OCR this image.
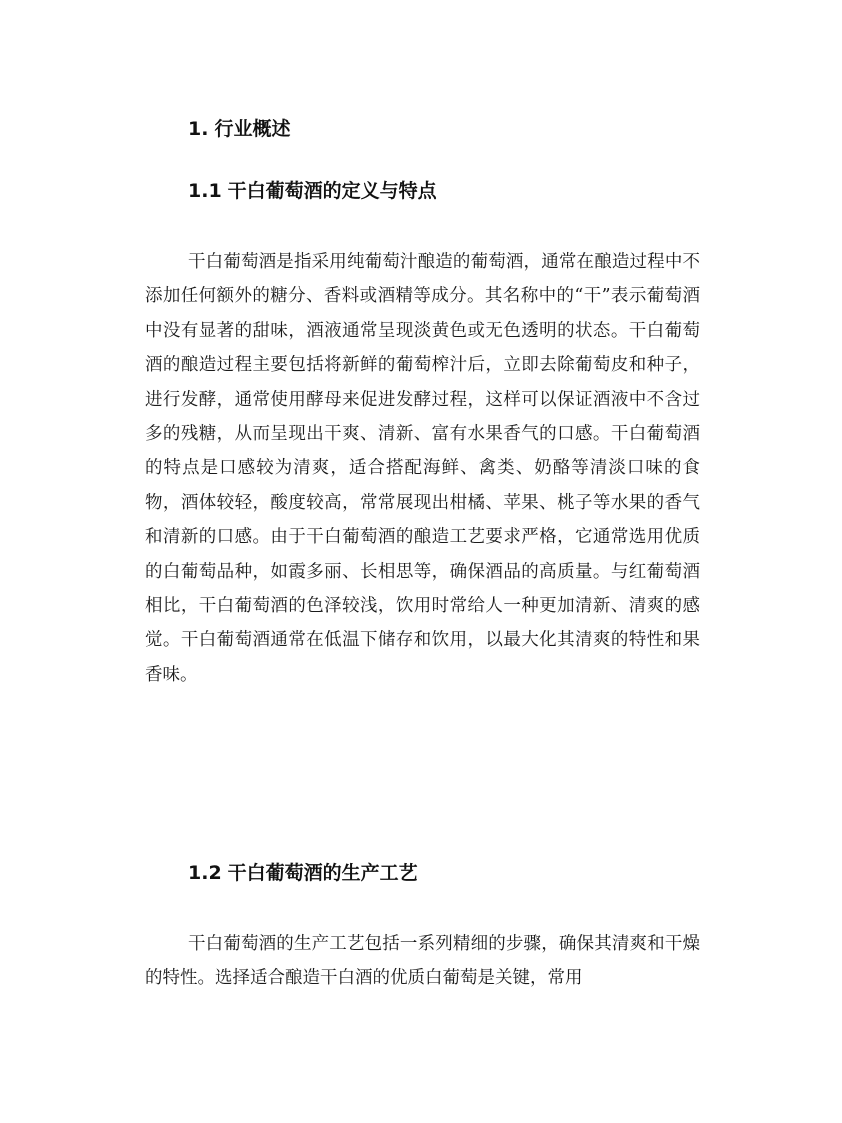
1. 行业概述
1.1 干白葡萄酒的定义与特点

干白葡萄酒是指采用纯葡萄汁酿造的葡萄酒，通常在酿造过程中不添加任何额外的糖分、香料或酒精等成分。其名称中的“干”表示葡萄酒中没有显著的甜味，酒液通常呈现淡黄色或无色透明的状态。干白葡萄酒的酿造过程主要包括将新鲜的葡萄榨汁后，立即去除葡萄皮和种子，进行发酵，通常使用酵母来促进发酵过程，这样可以保证酒液中不含过多的残糖，从而呈现出干爽、清新、富有水果香气的口感。干白葡萄酒的特点是口感较为清爽，适合搭配海鲜、禽类、奶酪等清淡口味的食物，酒体较轻，酸度较高，常常展现出柑橘、苹果、桃子等水果的香气和清新的口感。由于干白葡萄酒的酿造工艺要求严格，它通常选用优质的白葡萄品种，如霞多丽、长相思等，确保酒品的高质量。与红葡萄酒相比，干白葡萄酒的色泽较浅，饮用时常给人一种更加清新、清爽的感觉。干白葡萄酒通常在低温下储存和饮用，以最大化其清爽的特性和果香味。

1.2 干白葡萄酒的生产工艺

干白葡萄酒的生产工艺包括一系列精细的步骤，确保其清爽和干燥的特性。选择适合酿造干白酒的优质白葡萄是关键，常用
